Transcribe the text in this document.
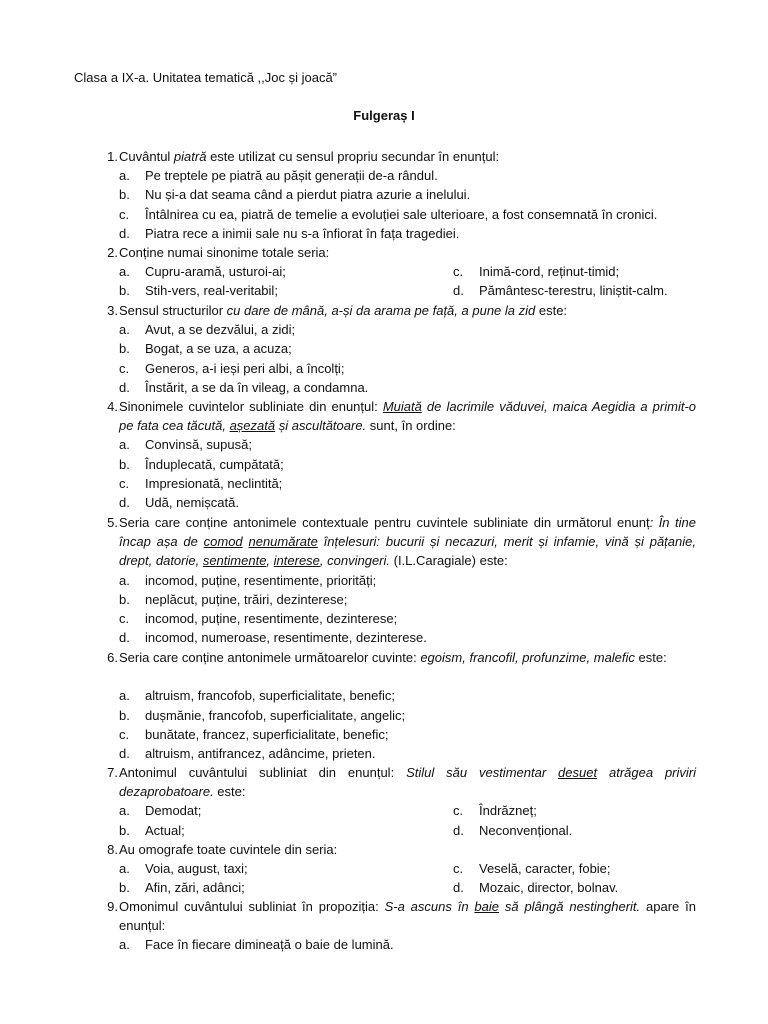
Clasa a IX-a. Unitatea tematică ,,Joc și joacă”
Fulgeraș I
1. Cuvântul piatră este utilizat cu sensul propriu secundar în enunțul:
a. Pe treptele pe piatră au pășit generații de-a rândul.
b. Nu și-a dat seama când a pierdut piatra azurie a inelului.
c. Întâlnirea cu ea, piatră de temelie a evoluției sale ulterioare, a fost consemnată în cronici.
d. Piatra rece a inimii sale nu s-a înfiorat în fața tragediei.
2. Conține numai sinonime totale seria:
a. Cupru-aramă, usturoi-ai;	c. Inimă-cord, reținut-timid;
b. Stih-vers, real-veritabil;	d. Pământesc-terestru, liniștit-calm.
3. Sensul structurilor cu dare de mână, a-și da arama pe față, a pune la zid este:
a. Avut, a se dezvălui, a zidi;
b. Bogat, a se uza, a acuza;
c. Generos, a-i ieși peri albi, a încolți;
d. Înstărit, a se da în vileag, a condamna.
4. Sinonimele cuvintelor subliniate din enunțul: Muiată de lacrimile văduvei, maica Aegidia a primit-o pe fata cea tăcută, așezată și ascultătoare. sunt, în ordine:
a. Convinsă, supusă;
b. Înduplecată, cumpătată;
c. Impresionată, neclintită;
d. Udă, nemișcată.
5. Seria care conține antonimele contextuale pentru cuvintele subliniate din următorul enunț: În tine încap așa de comod nenumărate înțelesuri: bucurii și necazuri, merit și infamie, vină și pățanie, drept, datorie, sentimente, interese, convingeri. (I.L.Caragiale) este:
a. incomod, puține, resentimente, priorități;
b. neplăcut, puține, trăiri, dezinterese;
c. incomod, puține, resentimente, dezinterese;
d. incomod, numeroase, resentimente, dezinterese.
6. Seria care conține antonimele următoarelor cuvinte: egoism, francofil, profunzime, malefic este:
a. altruism, francofob, superficialitate, benefic;
b. dușmănie, francofob, superficialitate, angelic;
c. bunătate, francez, superficialitate, benefic;
d. altruism, antifrancez, adâncime, prieten.
7. Antonimul cuvântului subliniat din enunțul: Stilul său vestimentar desuet atrăgea priviri dezaprobatoare. este:
a. Demodat;	c. Îndrăzneț;
b. Actual;	d. Neconvențional.
8. Au omografe toate cuvintele din seria:
a. Voia, august, taxi;	c. Veselă, caracter, fobie;
b. Afin, zări, adânci;	d. Mozaic, director, bolnav.
9. Omonimul cuvântului subliniat în propoziția: S-a ascuns în baie să plângă nestingherit. apare în enunțul:
a. Face în fiecare dimineață o baie de lumină.
